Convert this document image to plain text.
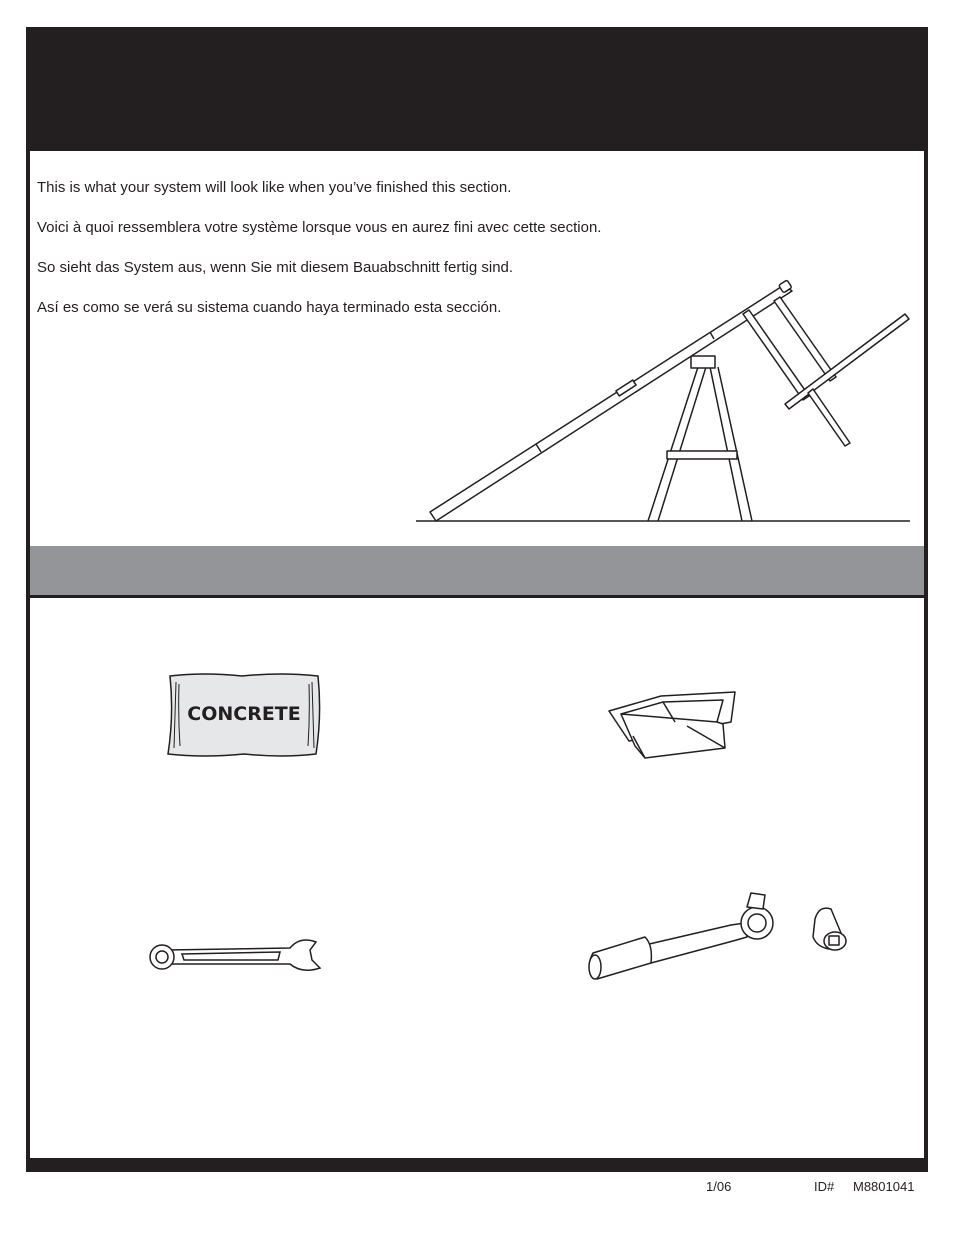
This is what your system will look like when you’ve finished this section.

Voici à quoi ressemblera votre système lorsque vous en aurez fini avec cette section.

So sieht das System aus, wenn Sie mit diesem Bauabschnitt fertig sind.

Así es como se verá su sistema cuando haya terminado esta sección.

CONCRETE
1/06	ID# M8801041
